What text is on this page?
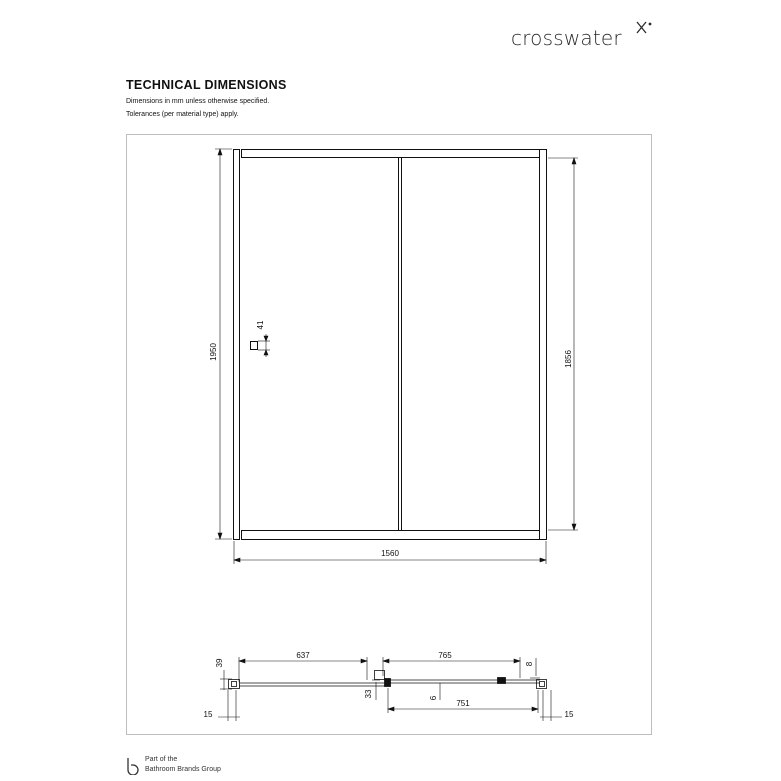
crosswater
TECHNICAL DIMENSIONS
Dimensions in mm unless otherwise specified.
Tolerances (per material type) apply.
1950	1856
41
1560
637	765
751
39
33	6
8
15	15
Part of the
Bathroom Brands Group
